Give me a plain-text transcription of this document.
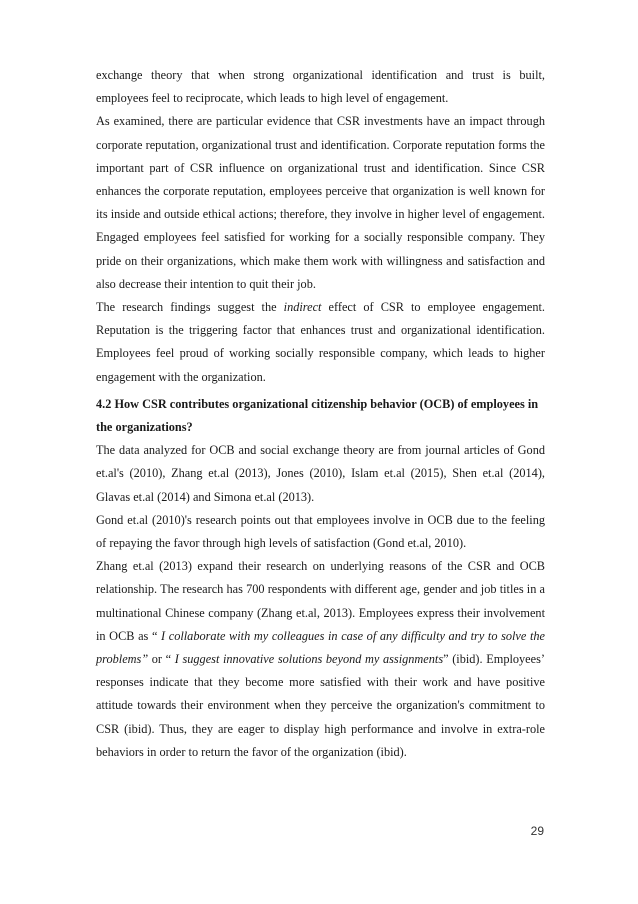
exchange theory that when strong organizational identification and trust is built, employees feel to reciprocate, which leads to high level of engagement.

As examined, there are particular evidence that CSR investments have an impact through corporate reputation, organizational trust and identification. Corporate reputation forms the important part of CSR influence on organizational trust and identification. Since CSR enhances the corporate reputation, employees perceive that organization is well known for its inside and outside ethical actions; therefore, they involve in higher level of engagement. Engaged employees feel satisfied for working for a socially responsible company. They pride on their organizations, which make them work with willingness and satisfaction and also decrease their intention to quit their job.

The research findings suggest the indirect effect of CSR to employee engagement. Reputation is the triggering factor that enhances trust and organizational identification. Employees feel proud of working socially responsible company, which leads to higher engagement with the organization.

4.2 How CSR contributes organizational citizenship behavior (OCB) of employees in the organizations?

The data analyzed for OCB and social exchange theory are from journal articles of Gond et.al's (2010), Zhang et.al (2013), Jones (2010), Islam et.al (2015), Shen et.al (2014), Glavas et.al (2014) and Simona et.al (2013).

Gond et.al (2010)'s research points out that employees involve in OCB due to the feeling of repaying the favor through high levels of satisfaction (Gond et.al, 2010).

Zhang et.al (2013) expand their research on underlying reasons of the CSR and OCB relationship. The research has 700 respondents with different age, gender and job titles in a multinational Chinese company (Zhang et.al, 2013). Employees express their involvement in OCB as “ I collaborate with my colleagues in case of any difficulty and try to solve the problems” or “ I suggest innovative solutions beyond my assignments” (ibid). Employees’ responses indicate that they become more satisfied with their work and have positive attitude towards their environment when they perceive the organization's commitment to CSR (ibid). Thus, they are eager to display high performance and involve in extra-role behaviors in order to return the favor of the organization (ibid).

29
